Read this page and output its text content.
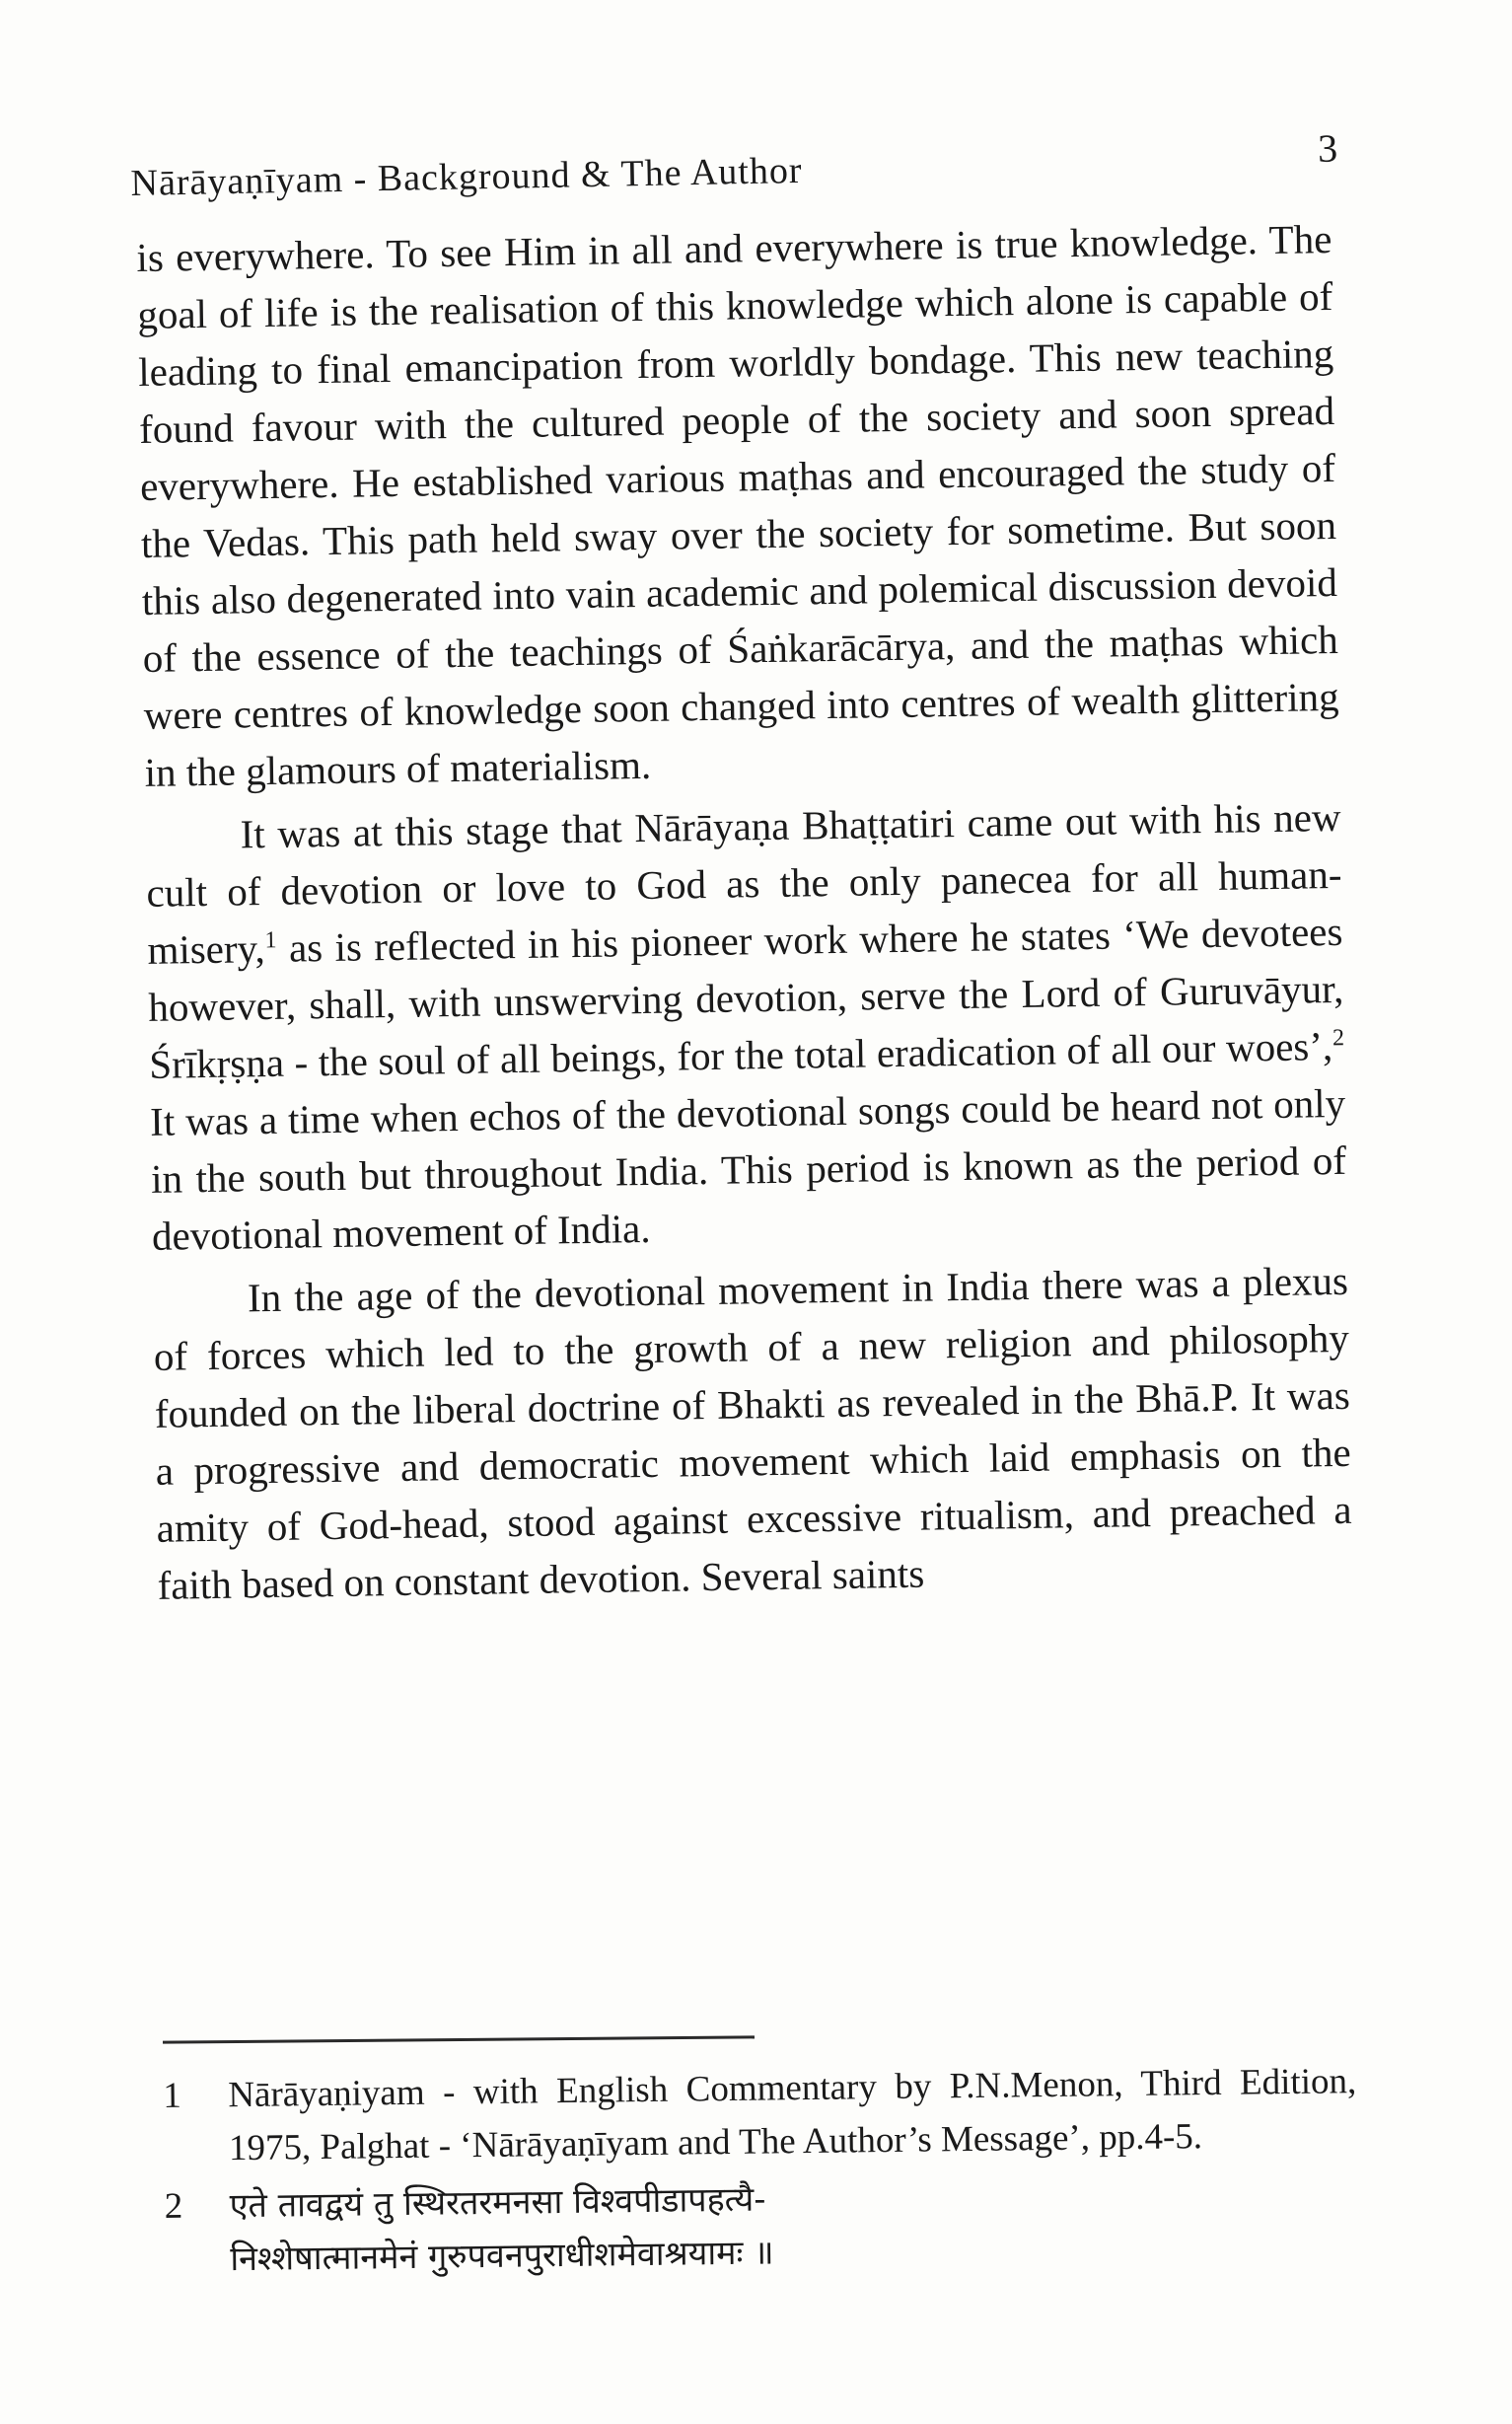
Nārāyaṇīyam - Background & The Author
3

is everywhere. To see Him in all and everywhere is true knowledge. The goal of life is the realisation of this knowledge which alone is capable of leading to final emancipation from worldly bondage. This new teaching found favour with the cultured people of the society and soon spread everywhere. He established various maṭhas and encouraged the study of the Vedas. This path held sway over the society for sometime. But soon this also degenerated into vain academic and polemical discussion devoid of the essence of the teachings of Śaṅkarācārya, and the maṭhas which were centres of knowledge soon changed into centres of wealth glittering in the glamours of materialism.

It was at this stage that Nārāyaṇa Bhaṭṭatiri came out with his new cult of devotion or love to God as the only panecea for all human-misery,$^1$ as is reflected in his pioneer work where he states ‘We devotees however, shall, with unswerving devotion, serve the Lord of Guruvāyur, Śrīkṛṣṇa - the soul of all beings, for the total eradication of all our woes’,$^2$ It was a time when echos of the devotional songs could be heard not only in the south but throughout India. This period is known as the period of devotional movement of India.

In the age of the devotional movement in India there was a plexus of forces which led to the growth of a new religion and philosophy founded on the liberal doctrine of Bhakti as revealed in the Bhā.P. It was a progressive and democratic movement which laid emphasis on the amity of God-head, stood against excessive ritualism, and preached a faith based on constant devotion. Several saints

1	Nārāyaṇiyam - with English Commentary by P.N.Menon, Third Edition, 1975, Palghat - ‘Nārāyaṇīyam and The Author’s Message’, pp.4-5.
2	एते तावद्वयं तु स्थिरतरमनसा विश्वपीडापहत्यै-
निश्शेषात्मानमेनं गुरुपवनपुराधीशमेवाश्रयामः ॥
